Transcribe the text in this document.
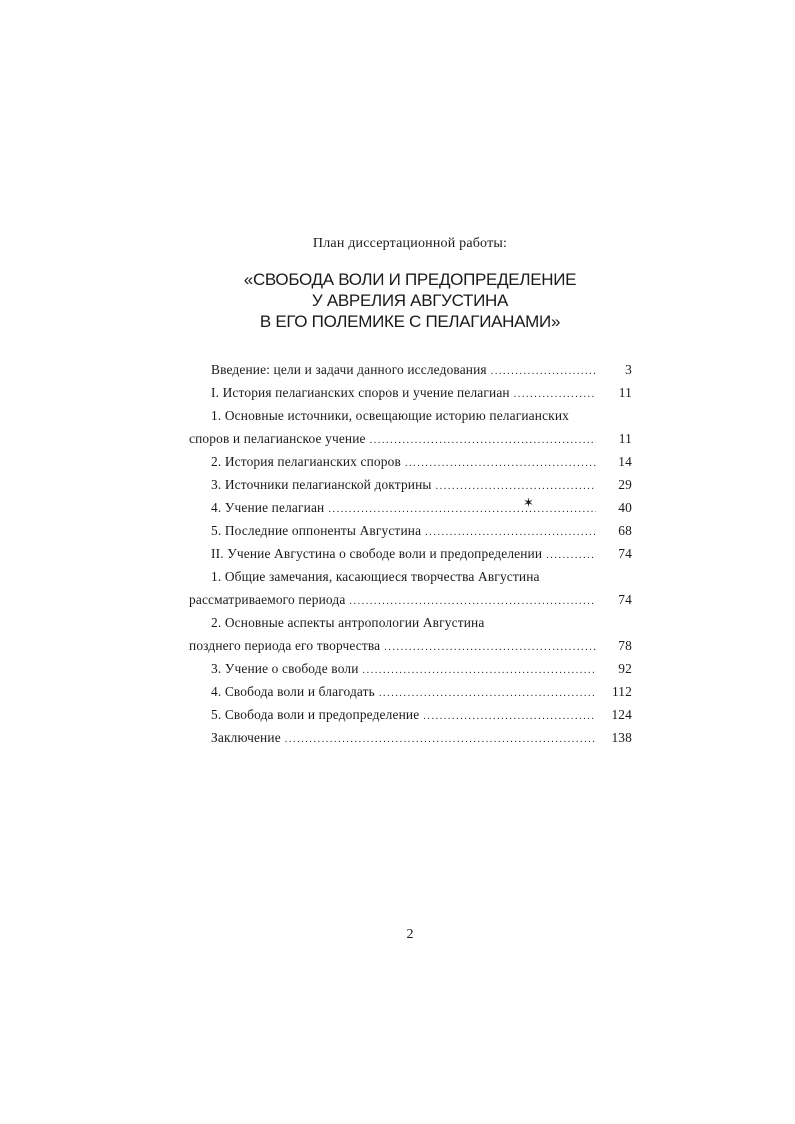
План диссертационной работы:
«СВОБОДА ВОЛИ И ПРЕДОПРЕДЕЛЕНИЕ
У АВРЕЛИЯ АВГУСТИНА
В ЕГО ПОЛЕМИКЕ С ПЕЛАГИАНАМИ»
Введение: цели и задачи данного исследования .....	3
I. История пелагианских споров и учение пелагиан .....	11
1. Основные источники, освещающие историю пелагианских
споров и пелагианское учение .....	11
2. История пелагианских споров .....	14
3. Источники пелагианской доктрины .....	29
4. Учение пелагиан .....	40
5. Последние оппоненты Августина .....	68
II. Учение Августина о свободе воли и предопределении .....	74
1. Общие замечания, касающиеся творчества Августина
рассматриваемого периода .....	74
2. Основные аспекты антропологии Августина
позднего периода его творчества .....	78
3. Учение о свободе воли .....	92
4. Свобода воли и благодать .....	112
5. Свобода воли и предопределение .....	124
Заключение .....	138
✶
2
